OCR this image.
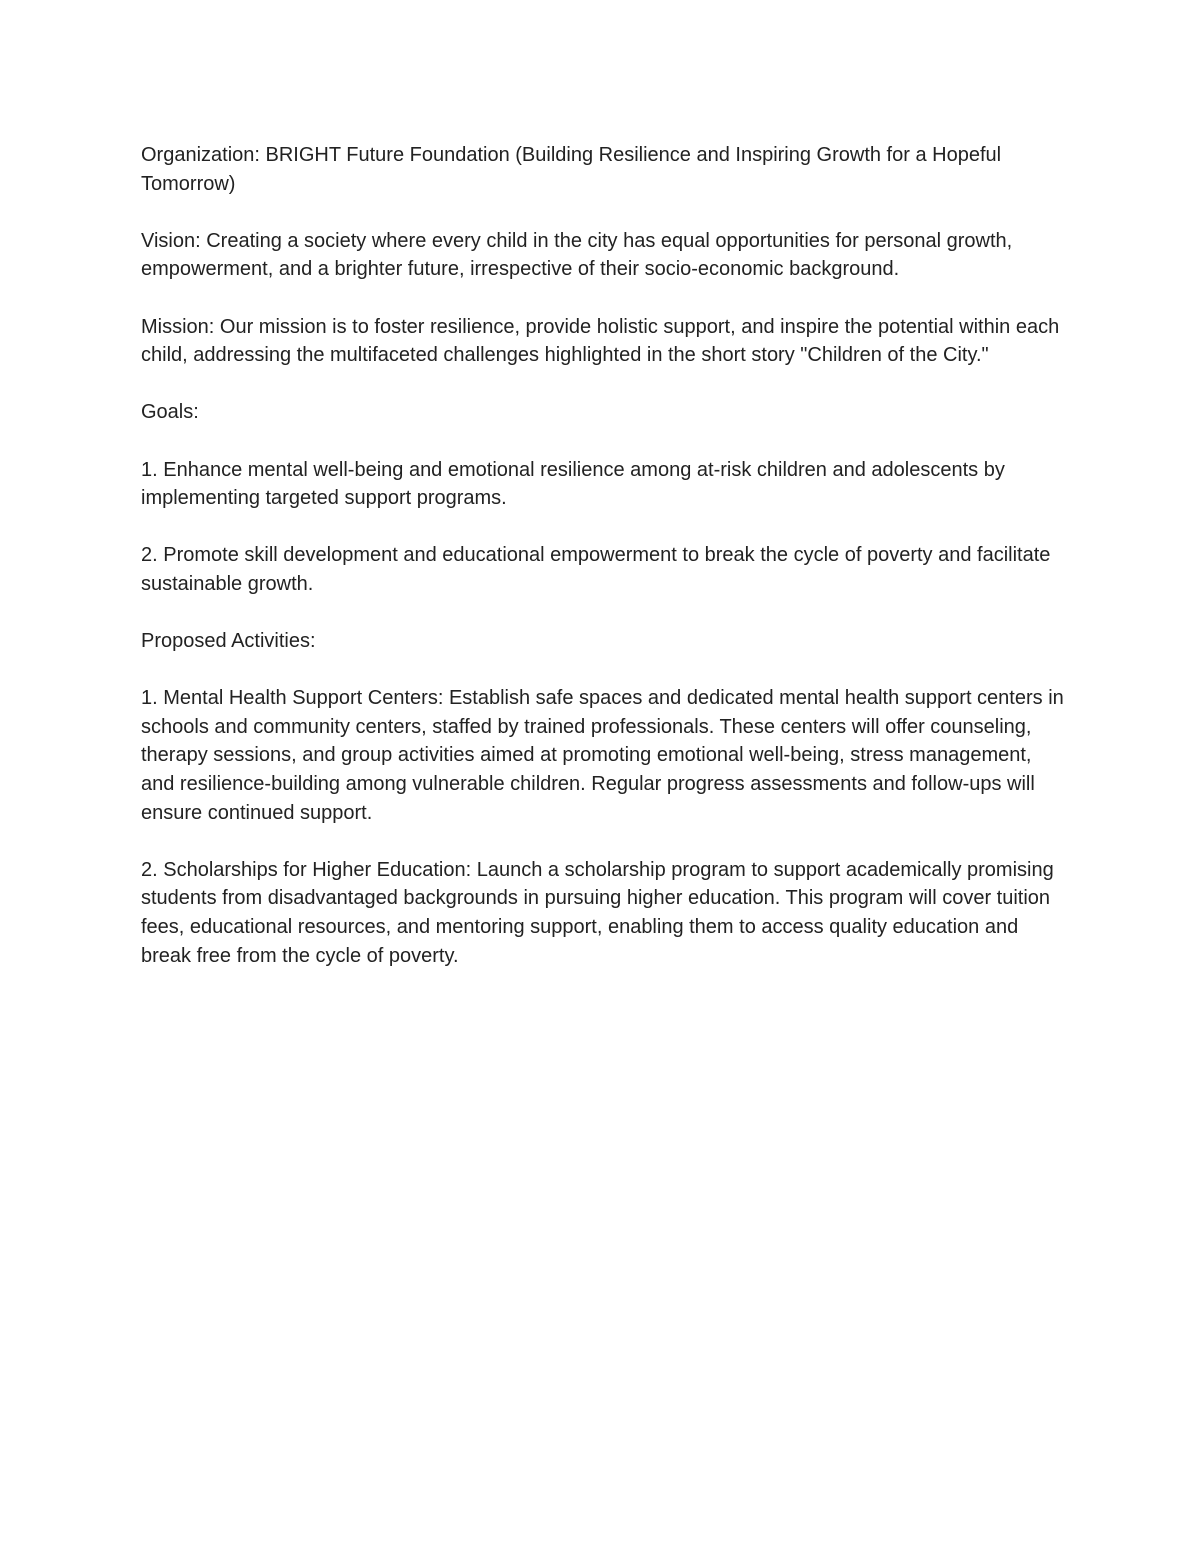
Organization: BRIGHT Future Foundation (Building Resilience and Inspiring Growth for a Hopeful Tomorrow)

Vision: Creating a society where every child in the city has equal opportunities for personal growth, empowerment, and a brighter future, irrespective of their socio-economic background.

Mission: Our mission is to foster resilience, provide holistic support, and inspire the potential within each child, addressing the multifaceted challenges highlighted in the short story "Children of the City."

Goals:

1. Enhance mental well-being and emotional resilience among at-risk children and adolescents by implementing targeted support programs.

2. Promote skill development and educational empowerment to break the cycle of poverty and facilitate sustainable growth.

Proposed Activities:

1. Mental Health Support Centers: Establish safe spaces and dedicated mental health support centers in schools and community centers, staffed by trained professionals. These centers will offer counseling, therapy sessions, and group activities aimed at promoting emotional well-being, stress management, and resilience-building among vulnerable children. Regular progress assessments and follow-ups will ensure continued support.

2. Scholarships for Higher Education: Launch a scholarship program to support academically promising students from disadvantaged backgrounds in pursuing higher education. This program will cover tuition fees, educational resources, and mentoring support, enabling them to access quality education and break free from the cycle of poverty.
